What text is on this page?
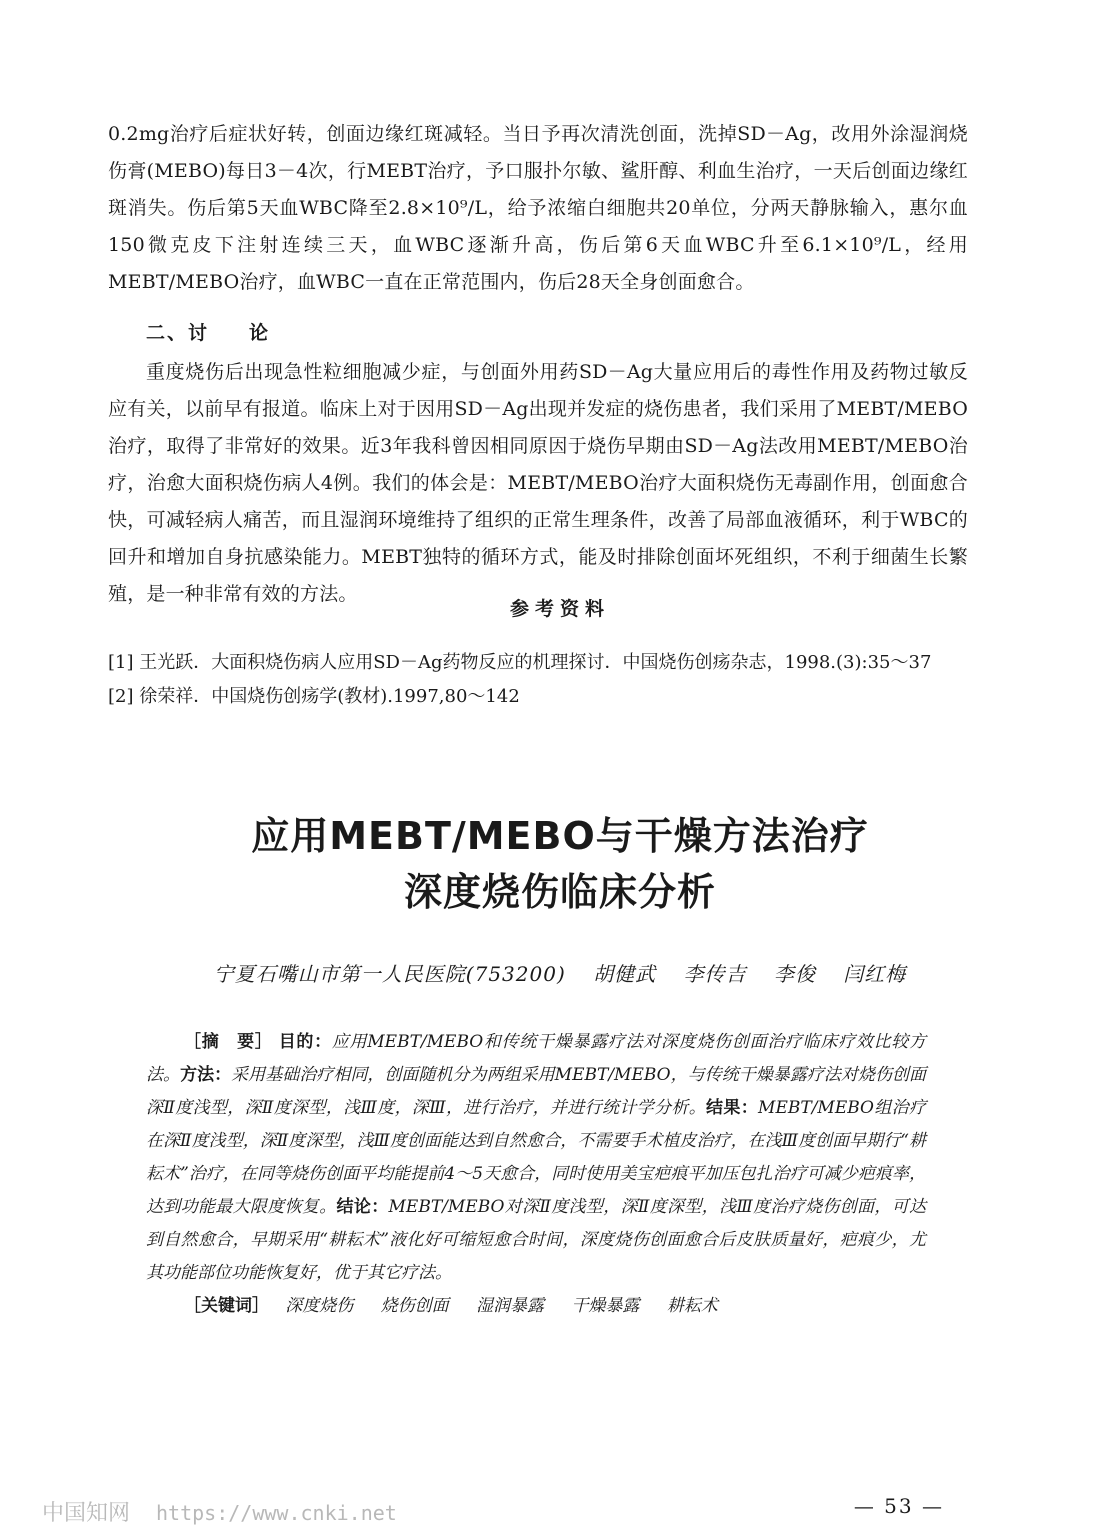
0.2mg治疗后症状好转，创面边缘红斑减轻。当日予再次清洗创面，洗掉SD－Ag，改用外涂湿润烧伤膏(MEBO)每日3－4次，行MEBT治疗，予口服扑尔敏、鲨肝醇、利血生治疗，一天后创面边缘红斑消失。伤后第5天血WBC降至2.8×10⁹/L，给予浓缩白细胞共20单位，分两天静脉输入，惠尔血150微克皮下注射连续三天，血WBC逐渐升高，伤后第6天血WBC升至6.1×10⁹/L，经用MEBT/MEBO治疗，血WBC一直在正常范围内，伤后28天全身创面愈合。
二、讨 论
重度烧伤后出现急性粒细胞减少症，与创面外用药SD－Ag大量应用后的毒性作用及药物过敏反应有关，以前早有报道。临床上对于因用SD－Ag出现并发症的烧伤患者，我们采用了MEBT/MEBO治疗，取得了非常好的效果。近3年我科曾因相同原因于烧伤早期由SD－Ag法改用MEBT/MEBO治疗，治愈大面积烧伤病人4例。我们的体会是：MEBT/MEBO治疗大面积烧伤无毒副作用，创面愈合快，可减轻病人痛苦，而且湿润环境维持了组织的正常生理条件，改善了局部血液循环，利于WBC的回升和增加自身抗感染能力。MEBT独特的循环方式，能及时排除创面坏死组织，不利于细菌生长繁殖，是一种非常有效的方法。
参考资料
[1] 王光跃．大面积烧伤病人应用SD－Ag药物反应的机理探讨．中国烧伤创疡杂志，1998.(3):35～37
[2] 徐荣祥．中国烧伤创疡学(教材).1997,80～142
应用MEBT/MEBO与干燥方法治疗
深度烧伤临床分析
宁夏石嘴山市第一人民医院(753200) 胡健武 李传吉 李俊 闫红梅
［摘　要］ 目的：应用MEBT/MEBO和传统干燥暴露疗法对深度烧伤创面治疗临床疗效比较方法。方法：采用基础治疗相同，创面随机分为两组采用MEBT/MEBO，与传统干燥暴露疗法对烧伤创面深Ⅱ度浅型，深Ⅱ度深型，浅Ⅲ度，深Ⅲ，进行治疗，并进行统计学分析。结果：MEBT/MEBO组治疗在深Ⅱ度浅型，深Ⅱ度深型，浅Ⅲ度创面能达到自然愈合，不需要手术植皮治疗，在浅Ⅲ度创面早期行“耕耘术”治疗，在同等烧伤创面平均能提前4～5天愈合，同时使用美宝疤痕平加压包扎治疗可减少疤痕率，达到功能最大限度恢复。结论：MEBT/MEBO对深Ⅱ度浅型，深Ⅱ度深型，浅Ⅲ度治疗烧伤创面，可达到自然愈合，早期采用“耕耘术”液化好可缩短愈合时间，深度烧伤创面愈合后皮肤质量好，疤痕少，尤其功能部位功能恢复好，优于其它疗法。
［关键词］ 深度烧伤 烧伤创面 湿润暴露 干燥暴露 耕耘术
— 53 —
中国知网 https://www.cnki.net
